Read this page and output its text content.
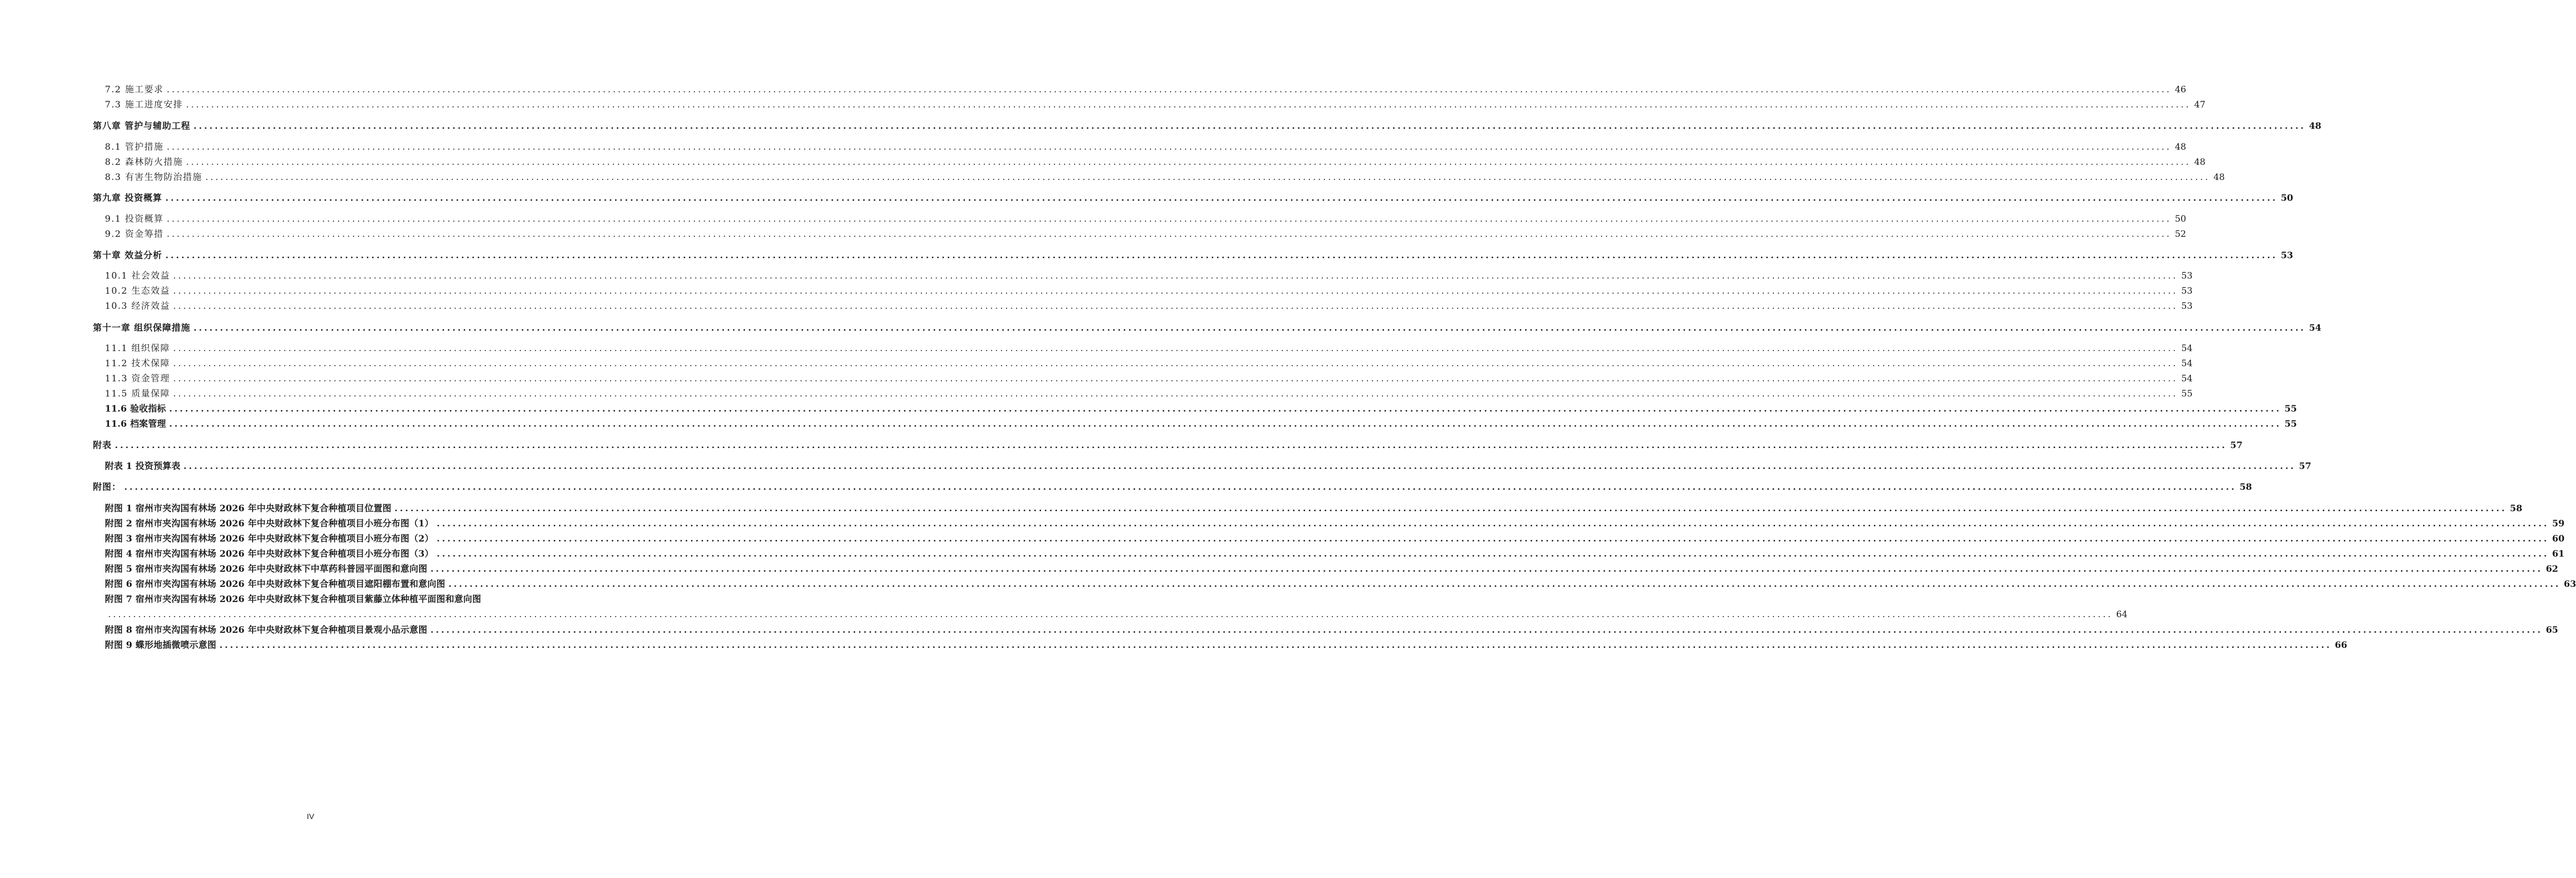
7.2 施工要求 ................................................................................................................................................................................................................................................................................................................................................................................................................ 46
7.3 施工进度安排 ................................................................................................................................................................................................................................................................................................................................................................................................................ 47
第八章 管护与辅助工程 ................................................................................................................................................................................................................................................................................................................................................................................................................ 48
8.1 管护措施 ................................................................................................................................................................................................................................................................................................................................................................................................................ 48
8.2 森林防火措施 ................................................................................................................................................................................................................................................................................................................................................................................................................ 48
8.3 有害生物防治措施 ................................................................................................................................................................................................................................................................................................................................................................................................................ 48
第九章 投资概算 ................................................................................................................................................................................................................................................................................................................................................................................................................ 50
9.1 投资概算 ................................................................................................................................................................................................................................................................................................................................................................................................................ 50
9.2 资金筹措 ................................................................................................................................................................................................................................................................................................................................................................................................................ 52
第十章 效益分析 ................................................................................................................................................................................................................................................................................................................................................................................................................ 53
10.1 社会效益 ................................................................................................................................................................................................................................................................................................................................................................................................................ 53
10.2 生态效益 ................................................................................................................................................................................................................................................................................................................................................................................................................ 53
10.3 经济效益 ................................................................................................................................................................................................................................................................................................................................................................................................................ 53
第十一章 组织保障措施 ................................................................................................................................................................................................................................................................................................................................................................................................................ 54
11.1 组织保障 ................................................................................................................................................................................................................................................................................................................................................................................................................ 54
11.2 技术保障 ................................................................................................................................................................................................................................................................................................................................................................................................................ 54
11.3 资金管理 ................................................................................................................................................................................................................................................................................................................................................................................................................ 54
11.5 质量保障 ................................................................................................................................................................................................................................................................................................................................................................................................................ 55
11.6 验收指标 ................................................................................................................................................................................................................................................................................................................................................................................................................ 55
11.6 档案管理 ................................................................................................................................................................................................................................................................................................................................................................................................................ 55
附表 ................................................................................................................................................................................................................................................................................................................................................................................................................ 57
附表 1 投资预算表 ................................................................................................................................................................................................................................................................................................................................................................................................................ 57
附图： ................................................................................................................................................................................................................................................................................................................................................................................................................ 58
附图 1 宿州市夹沟国有林场 2026 年中央财政林下复合种植项目位置图 ................................................................................................................................................................................................................................................................................................................................................................................................................ 58
附图 2 宿州市夹沟国有林场 2026 年中央财政林下复合种植项目小班分布图（1） ................................................................................................................................................................................................................................................................................................................................................................................................................ 59
附图 3 宿州市夹沟国有林场 2026 年中央财政林下复合种植项目小班分布图（2） ................................................................................................................................................................................................................................................................................................................................................................................................................ 60
附图 4 宿州市夹沟国有林场 2026 年中央财政林下复合种植项目小班分布图（3） ................................................................................................................................................................................................................................................................................................................................................................................................................ 61
附图 5 宿州市夹沟国有林场 2026 年中央财政林下中草药科普园平面图和意向图 ................................................................................................................................................................................................................................................................................................................................................................................................................ 62
附图 6 宿州市夹沟国有林场 2026 年中央财政林下复合种植项目遮阳棚布置和意向图 ................................................................................................................................................................................................................................................................................................................................................................................................................ 63
附图 7 宿州市夹沟国有林场 2026 年中央财政林下复合种植项目紫藤立体种植平面图和意向图
................................................................................................................................................................................................................................................................................................................................................................................................................ 64
附图 8 宿州市夹沟国有林场 2026 年中央财政林下复合种植项目景观小品示意图 ................................................................................................................................................................................................................................................................................................................................................................................................................ 65
附图 9 蝶形地插微喷示意图 ................................................................................................................................................................................................................................................................................................................................................................................................................ 66
IV
